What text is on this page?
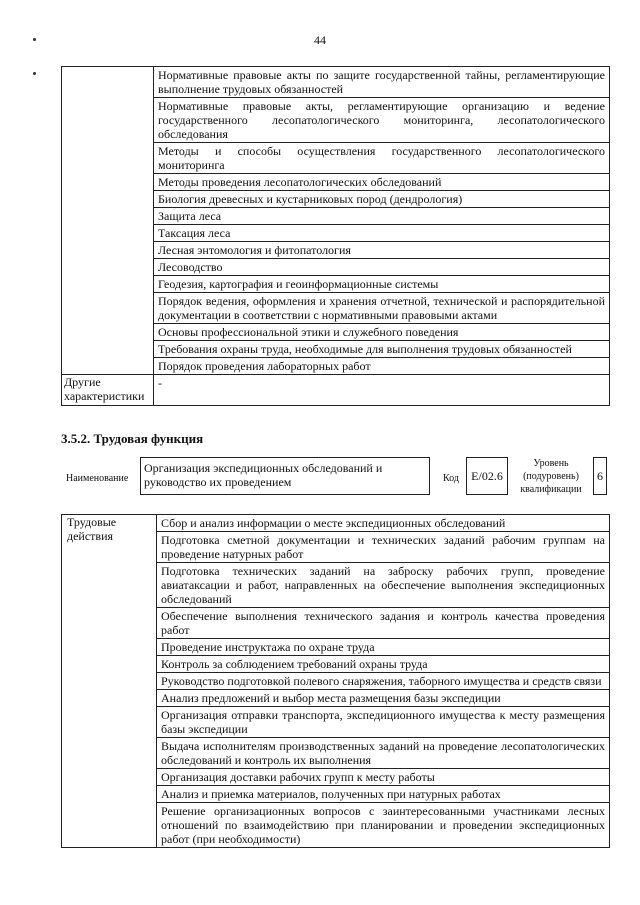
44
	Нормативные правовые акты по защите государственной тайны, регламентирующие выполнение трудовых обязанностей
	Нормативные правовые акты, регламентирующие организацию и ведение государственного лесопатологического мониторинга, лесопатологического обследования
	Методы и способы осуществления государственного лесопатологического мониторинга
	Методы проведения лесопатологических обследований
	Биология древесных и кустарниковых пород (дендрология)
	Защита леса
	Таксация леса
	Лесная энтомология и фитопатология
	Лесоводство
	Геодезия, картография и геоинформационные системы
	Порядок ведения, оформления и хранения отчетной, технической и распорядительной документации в соответствии с нормативными правовыми актами
	Основы профессиональной этики и служебного поведения
	Требования охраны труда, необходимые для выполнения трудовых обязанностей
	Порядок проведения лабораторных работ
Другие характеристики	-
3.5.2. Трудовая функция
Наименование
Организация экспедиционных обследований и руководство их проведением	Код	E/02.6
Уровень
(подуровень)
квалификации
6
Трудовые действия	Сбор и анализ информации о месте экспедиционных обследований
Подготовка сметной документации и технических заданий рабочим группам на проведение натурных работ
Подготовка технических заданий на заброску рабочих групп, проведение авиатаксации и работ, направленных на обеспечение выполнения экспедиционных обследований
Обеспечение выполнения технического задания и контроль качества проведения работ
Проведение инструктажа по охране труда
Контроль за соблюдением требований охраны труда
Руководство подготовкой полевого снаряжения, таборного имущества и средств связи
Анализ предложений и выбор места размещения базы экспедиции
Организация отправки транспорта, экспедиционного имущества к месту размещения базы экспедиции
Выдача исполнителям производственных заданий на проведение лесопатологических обследований и контроль их выполнения
Организация доставки рабочих групп к месту работы
Анализ и приемка материалов, полученных при натурных работах
Решение организационных вопросов с заинтересованными участниками лесных отношений по взаимодействию при планировании и проведении экспедиционных работ (при необходимости)
